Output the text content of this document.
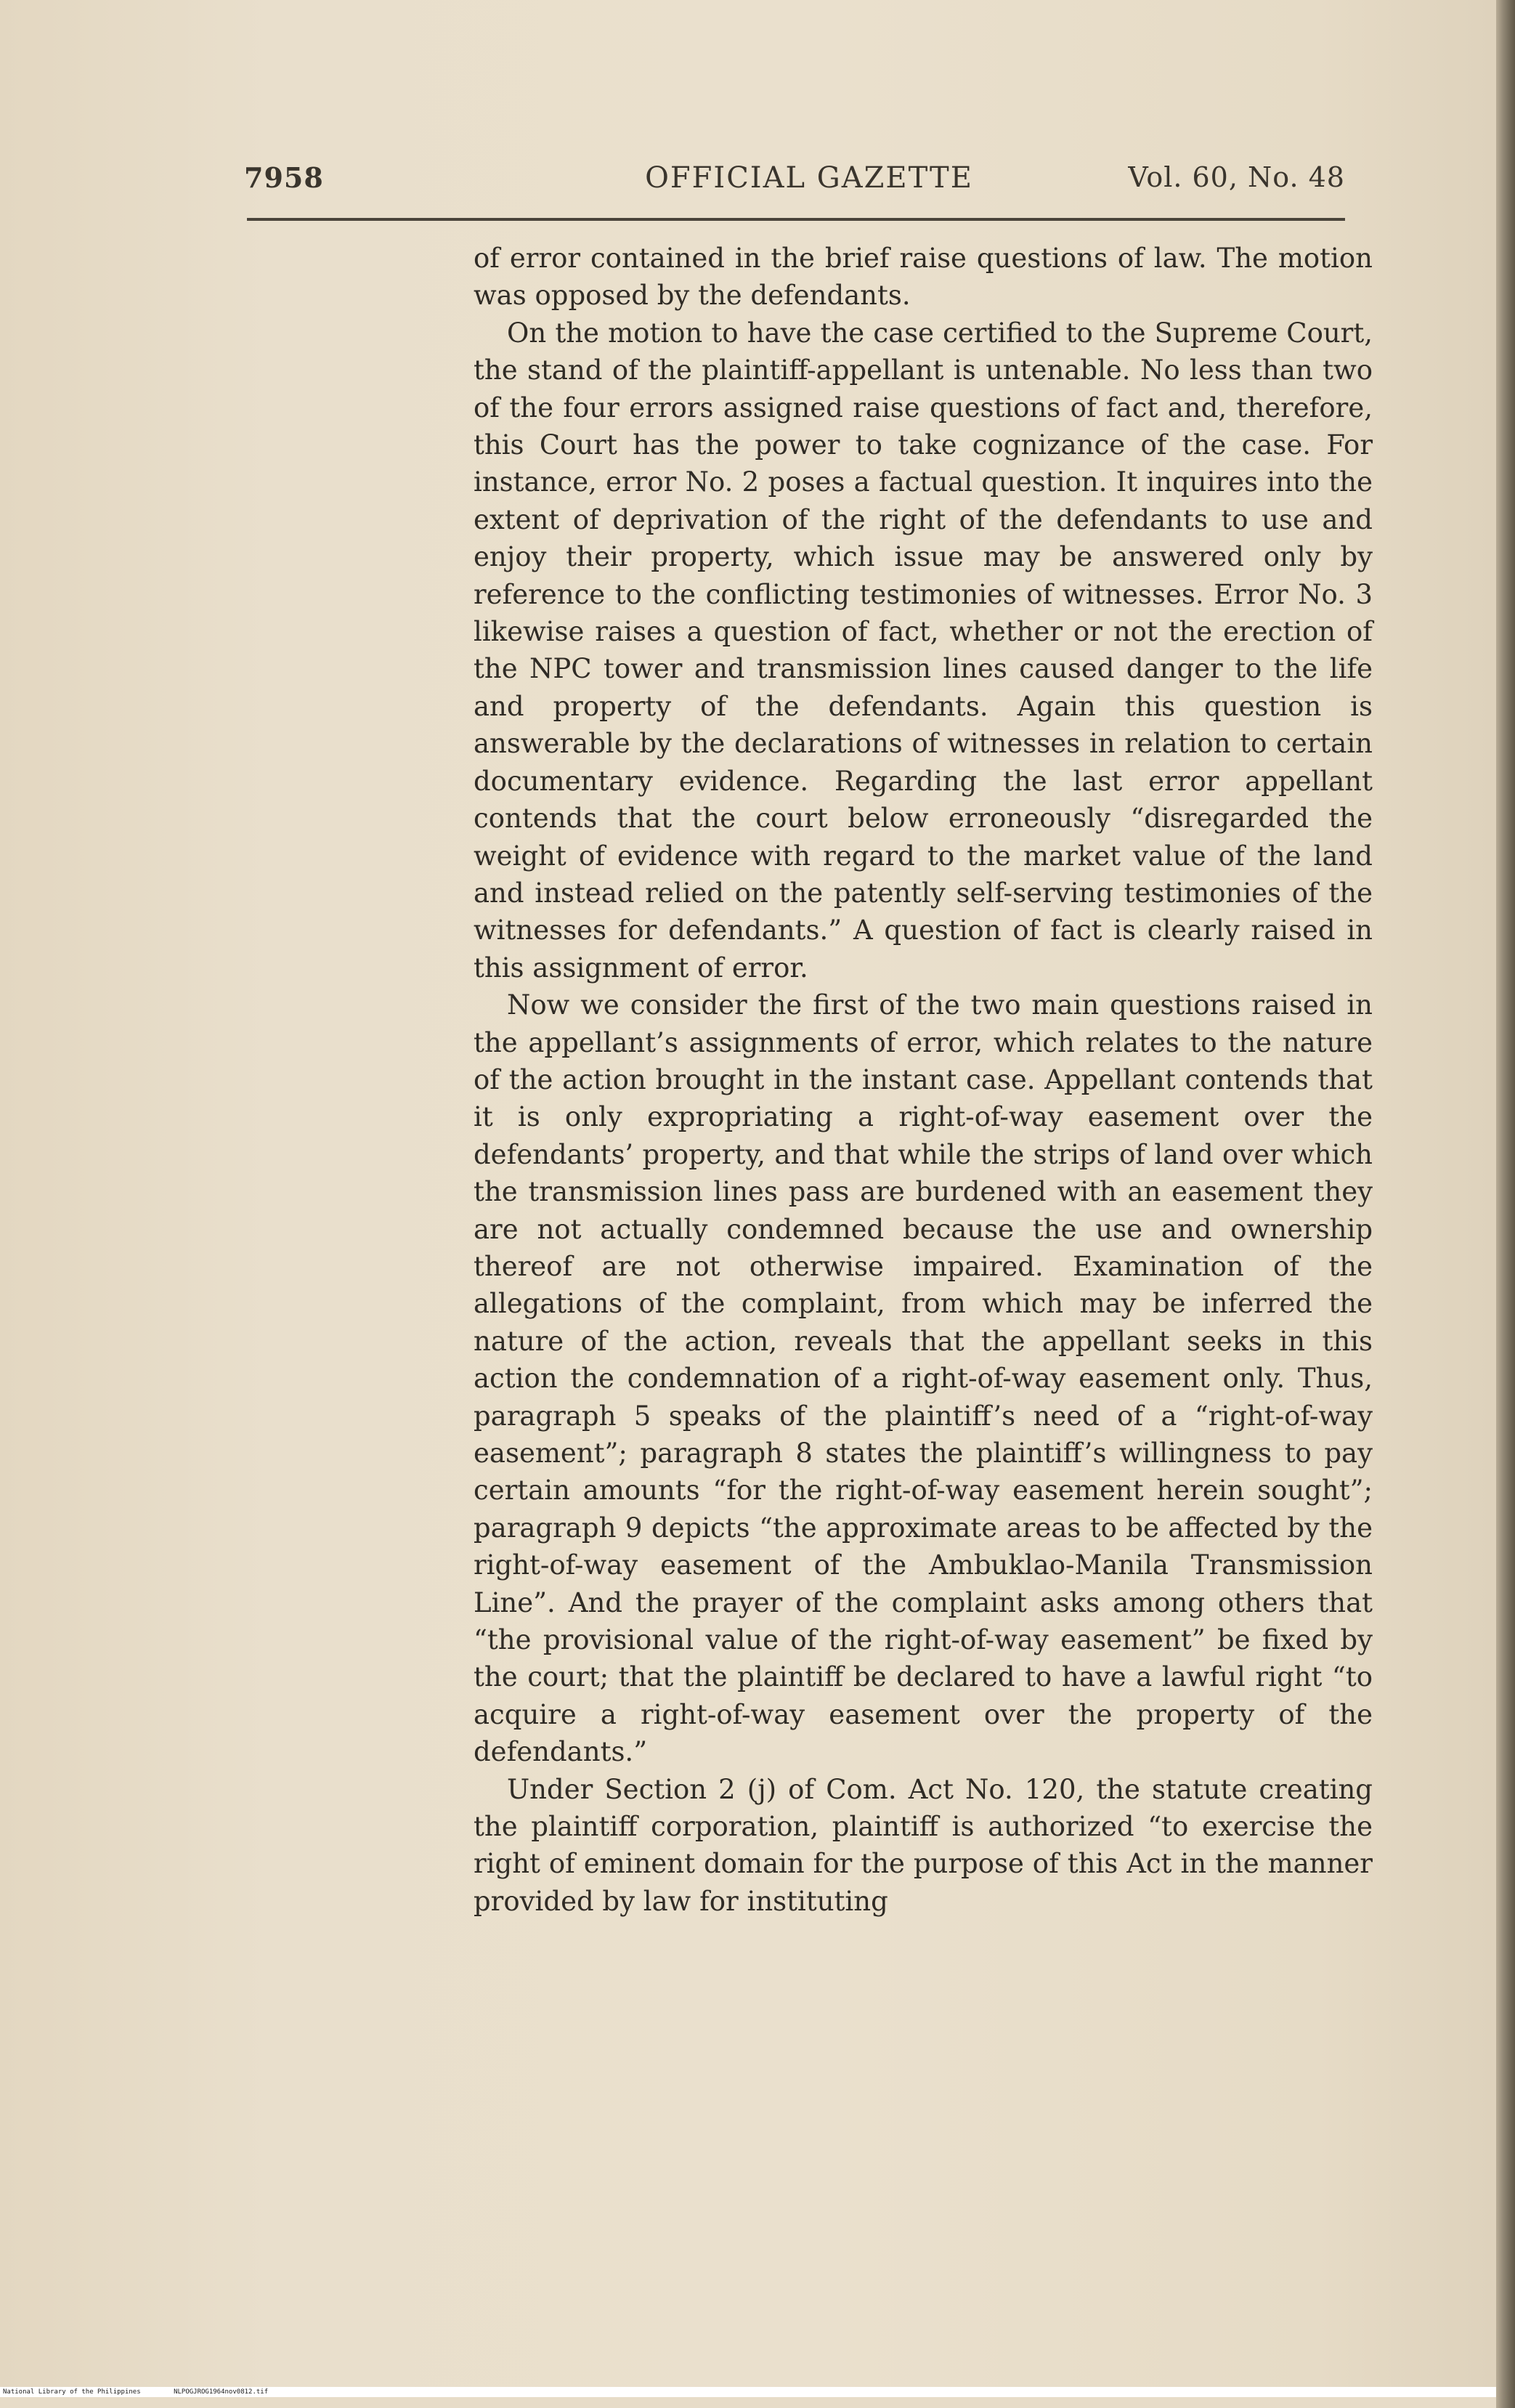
7958	OFFICIAL GAZETTE	Vol. 60, No. 48

of error contained in the brief raise questions of law. The motion was opposed by the defendants.

On the motion to have the case certified to the Supreme Court, the stand of the plaintiff-appellant is untenable. No less than two of the four errors assigned raise questions of fact and, therefore, this Court has the power to take cognizance of the case. For instance, error No. 2 poses a factual question. It inquires into the extent of deprivation of the right of the defendants to use and enjoy their property, which issue may be answered only by reference to the conflicting testimonies of witnesses. Error No. 3 likewise raises a question of fact, whether or not the erection of the NPC tower and transmission lines caused danger to the life and property of the defendants. Again this question is answerable by the declarations of witnesses in relation to certain documentary evidence. Regarding the last error appellant contends that the court below erroneously “disregarded the weight of evidence with regard to the market value of the land and instead relied on the patently self-serving testimonies of the witnesses for defendants.” A question of fact is clearly raised in this assignment of error.

Now we consider the first of the two main questions raised in the appellant’s assignments of error, which relates to the nature of the action brought in the instant case. Appellant contends that it is only expropriating a right-of-way easement over the defendants’ property, and that while the strips of land over which the transmission lines pass are burdened with an easement they are not actually condemned because the use and ownership thereof are not otherwise impaired. Examination of the allegations of the complaint, from which may be inferred the nature of the action, reveals that the appellant seeks in this action the condemnation of a right-of-way easement only. Thus, paragraph 5 speaks of the plaintiff’s need of a “right-of-way easement”; paragraph 8 states the plaintiff’s willingness to pay certain amounts “for the right-of-way easement herein sought”; paragraph 9 depicts “the approximate areas to be affected by the right-of-way easement of the Ambuklao-Manila Transmission Line”. And the prayer of the complaint asks among others that “the provisional value of the right-of-way easement” be fixed by the court; that the plaintiff be declared to have a lawful right “to acquire a right-of-way easement over the property of the defendants.”

Under Section 2 (j) of Com. Act No. 120, the statute creating the plaintiff corporation, plaintiff is authorized “to exercise the right of eminent domain for the purpose of this Act in the manner provided by law for instituting

National Library of the Philippines	NLPOGJROG1964nov0812.tif
